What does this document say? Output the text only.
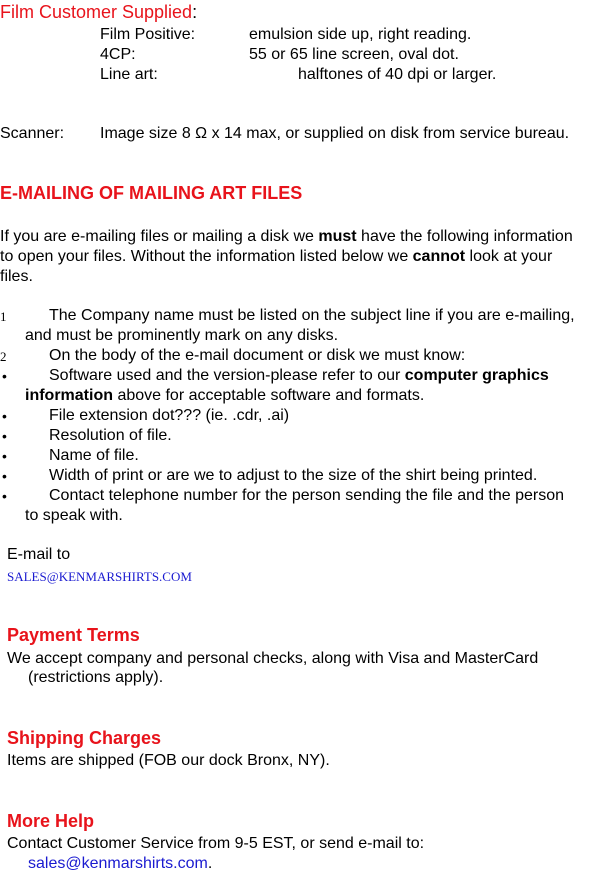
Film Customer Supplied:
Film Positive:	emulsion side up, right reading.
4CP:	55 or 65 line screen, oval dot.
Line art:	halftones of 40 dpi or larger.
Scanner: Image size 8 Ω x 14 max, or supplied on disk from service bureau.
E-MAILING OF MAILING ART FILES
If you are e-mailing files or mailing a disk we must have the following information
to open your files. Without the information listed below we cannot look at your
files.
1	The Company name must be listed on the subject line if you are e-mailing,
and must be prominently mark on any disks.
2	On the body of the e-mail document or disk we must know:
•	Software used and the version-please refer to our computer graphics
information above for acceptable software and formats.
•	File extension dot??? (ie. .cdr, .ai)
•	Resolution of file.
•	Name of file.
•	Width of print or are we to adjust to the size of the shirt being printed.
•	Contact telephone number for the person sending the file and the person
to speak with.
E-mail to
SALES@KENMARSHIRTS.COM
Payment Terms
We accept company and personal checks, along with Visa and MasterCard
(restrictions apply).
Shipping Charges
Items are shipped (FOB our dock Bronx, NY).
More Help
Contact Customer Service from 9-5 EST, or send e-mail to:
sales@kenmarshirts.com.
